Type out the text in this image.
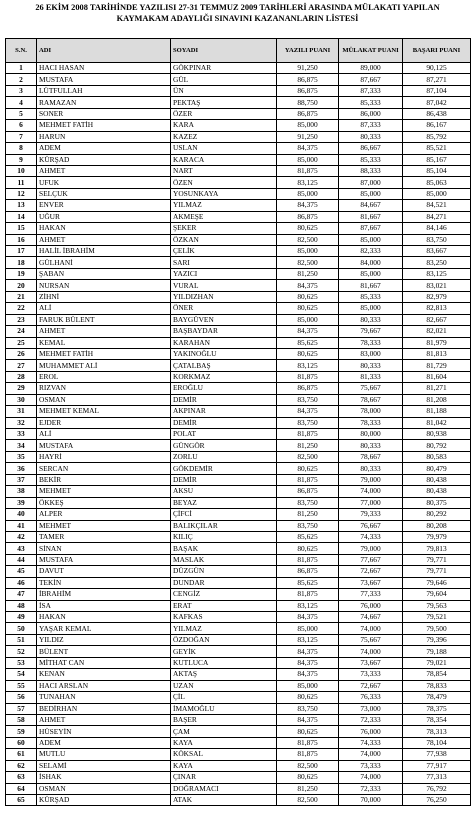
26 EKİM 2008 TARİHİNDE YAZILISI 27-31 TEMMUZ 2009 TARİHLERİ ARASINDA MÜLAKATI YAPILAN
KAYMAKAM ADAYLIĞI SINAVINI KAZANANLARIN LİSTESİ
S.N.	ADI	SOYADI	YAZILI PUANI	MÜLAKAT PUANI	BAŞARI PUANI
1	HACI HASAN	GÖKPINAR	91,250	89,000	90,125
2	MUSTAFA	GÜL	86,875	87,667	87,271
3	LÜTFULLAH	ÜN	86,875	87,333	87,104
4	RAMAZAN	PEKTAŞ	88,750	85,333	87,042
5	SONER	ÖZER	86,875	86,000	86,438
6	MEHMET FATİH	KARA	85,000	87,333	86,167
7	HARUN	KAZEZ	91,250	80,333	85,792
8	ADEM	USLAN	84,375	86,667	85,521
9	KÜRŞAD	KARACA	85,000	85,333	85,167
10	AHMET	NART	81,875	88,333	85,104
11	UFUK	ÖZEN	83,125	87,000	85,063
12	SELÇUK	YOSUNKAYA	85,000	85,000	85,000
13	ENVER	YILMAZ	84,375	84,667	84,521
14	UĞUR	AKMEŞE	86,875	81,667	84,271
15	HAKAN	ŞEKER	80,625	87,667	84,146
16	AHMET	ÖZKAN	82,500	85,000	83,750
17	HALİL İBRAHİM	ÇELİK	85,000	82,333	83,667
18	GÜLHANİ	SARI	82,500	84,000	83,250
19	ŞABAN	YAZICI	81,250	85,000	83,125
20	NURSAN	VURAL	84,375	81,667	83,021
21	ZİHNİ	YILDIZHAN	80,625	85,333	82,979
22	ALİ	ÖNER	80,625	85,000	82,813
23	FARUK BÜLENT	BAYGÜVEN	85,000	80,333	82,667
24	AHMET	BAŞBAYDAR	84,375	79,667	82,021
25	KEMAL	KARAHAN	85,625	78,333	81,979
26	MEHMET FATİH	YAKINOĞLU	80,625	83,000	81,813
27	MUHAMMET ALİ	ÇATALBAŞ	83,125	80,333	81,729
28	EROL	KORKMAZ	81,875	81,333	81,604
29	RIZVAN	EROĞLU	86,875	75,667	81,271
30	OSMAN	DEMİR	83,750	78,667	81,208
31	MEHMET KEMAL	AKPINAR	84,375	78,000	81,188
32	EJDER	DEMİR	83,750	78,333	81,042
33	ALİ	POLAT	81,875	80,000	80,938
34	MUSTAFA	GÜNGÖR	81,250	80,333	80,792
35	HAYRİ	ZORLU	82,500	78,667	80,583
36	SERCAN	GÖKDEMİR	80,625	80,333	80,479
37	BEKİR	DEMİR	81,875	79,000	80,438
38	MEHMET	AKSU	86,875	74,000	80,438
39	ÖKKEŞ	BEYAZ	83,750	77,000	80,375
40	ALPER	ÇİFCİ	81,250	79,333	80,292
41	MEHMET	BALIKÇILAR	83,750	76,667	80,208
42	TAMER	KILIÇ	85,625	74,333	79,979
43	SİNAN	BAŞAK	80,625	79,000	79,813
44	MUSTAFA	MASLAK	81,875	77,667	79,771
45	DAVUT	DÜZGÜN	86,875	72,667	79,771
46	TEKİN	DUNDAR	85,625	73,667	79,646
47	İBRAHİM	CENGİZ	81,875	77,333	79,604
48	İSA	ERAT	83,125	76,000	79,563
49	HAKAN	KAFKAS	84,375	74,667	79,521
50	YAŞAR KEMAL	YILMAZ	85,000	74,000	79,500
51	YILDIZ	ÖZDOĞAN	83,125	75,667	79,396
52	BÜLENT	GEYİK	84,375	74,000	79,188
53	MİTHAT CAN	KUTLUCA	84,375	73,667	79,021
54	KENAN	AKTAŞ	84,375	73,333	78,854
55	HACI ARSLAN	UZAN	85,000	72,667	78,833
56	TUNAHAN	ÇİL	80,625	76,333	78,479
57	BEDİRHAN	İMAMOĞLU	83,750	73,000	78,375
58	AHMET	BAŞER	84,375	72,333	78,354
59	HÜSEYİN	ÇAM	80,625	76,000	78,313
60	ADEM	KAYA	81,875	74,333	78,104
61	MUTLU	KÖKSAL	81,875	74,000	77,938
62	SELAMİ	KAYA	82,500	73,333	77,917
63	İSHAK	ÇINAR	80,625	74,000	77,313
64	OSMAN	DOĞRAMACI	81,250	72,333	76,792
65	KÜRŞAD	ATAK	82,500	70,000	76,250
